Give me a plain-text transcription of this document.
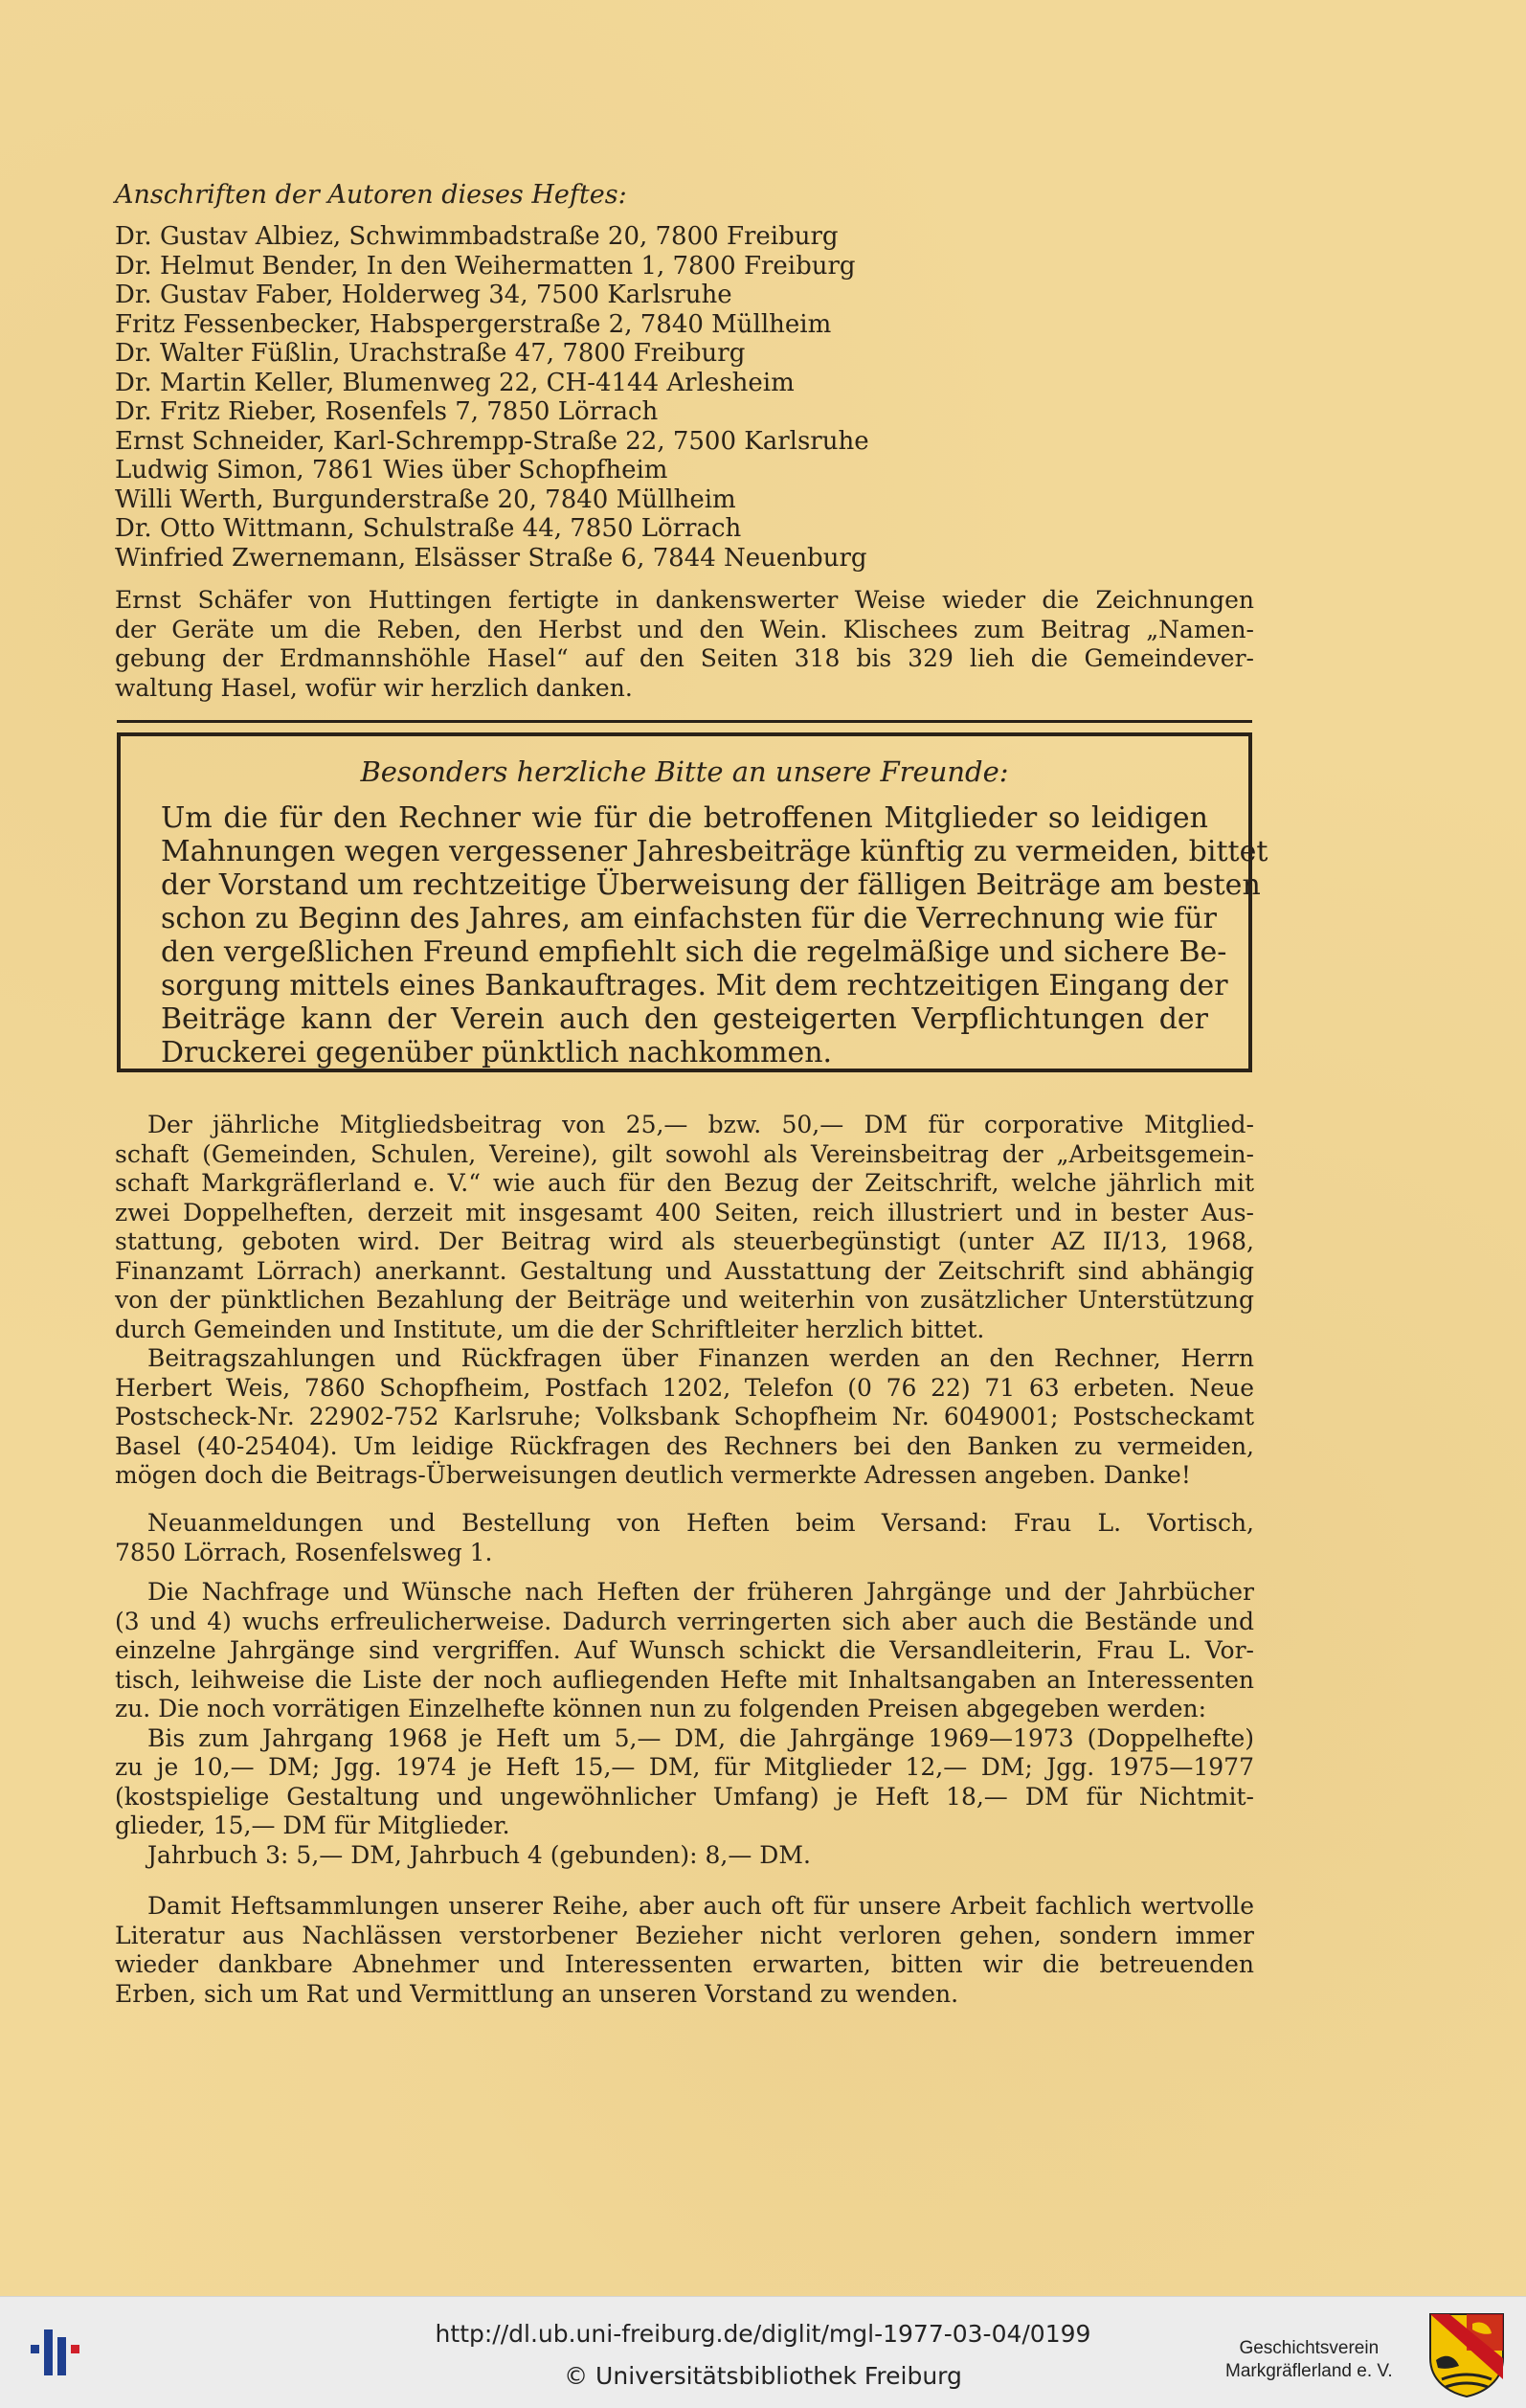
Anschriften der Autoren dieses Heftes:
Dr. Gustav Albiez, Schwimmbadstraße 20, 7800 Freiburg
Dr. Helmut Bender, In den Weihermatten 1, 7800 Freiburg
Dr. Gustav Faber, Holderweg 34, 7500 Karlsruhe
Fritz Fessenbecker, Habspergerstraße 2, 7840 Müllheim
Dr. Walter Füßlin, Urachstraße 47, 7800 Freiburg
Dr. Martin Keller, Blumenweg 22, CH-4144 Arlesheim
Dr. Fritz Rieber, Rosenfels 7, 7850 Lörrach
Ernst Schneider, Karl-Schrempp-Straße 22, 7500 Karlsruhe
Ludwig Simon, 7861 Wies über Schopfheim
Willi Werth, Burgunderstraße 20, 7840 Müllheim
Dr. Otto Wittmann, Schulstraße 44, 7850 Lörrach
Winfried Zwernemann, Elsässer Straße 6, 7844 Neuenburg
Ernst Schäfer von Huttingen fertigte in dankenswerter Weise wieder die Zeichnungen
der Geräte um die Reben, den Herbst und den Wein. Klischees zum Beitrag „Namen-
gebung der Erdmannshöhle Hasel“ auf den Seiten 318 bis 329 lieh die Gemeindever-
waltung Hasel, wofür wir herzlich danken.
Besonders herzliche Bitte an unsere Freunde:
Um die für den Rechner wie für die betroffenen Mitglieder so leidigen
Mahnungen wegen vergessener Jahresbeiträge künftig zu vermeiden, bittet
der Vorstand um rechtzeitige Überweisung der fälligen Beiträge am besten
schon zu Beginn des Jahres, am einfachsten für die Verrechnung wie für
den vergeßlichen Freund empfiehlt sich die regelmäßige und sichere Be-
sorgung mittels eines Bankauftrages. Mit dem rechtzeitigen Eingang der
Beiträge kann der Verein auch den gesteigerten Verpflichtungen der
Druckerei gegenüber pünktlich nachkommen.
Der jährliche Mitgliedsbeitrag von 25,— bzw. 50,— DM für corporative Mitglied-
schaft (Gemeinden, Schulen, Vereine), gilt sowohl als Vereinsbeitrag der „Arbeitsgemein-
schaft Markgräflerland e. V.“ wie auch für den Bezug der Zeitschrift, welche jährlich mit
zwei Doppelheften, derzeit mit insgesamt 400 Seiten, reich illustriert und in bester Aus-
stattung, geboten wird. Der Beitrag wird als steuerbegünstigt (unter AZ II/13, 1968,
Finanzamt Lörrach) anerkannt. Gestaltung und Ausstattung der Zeitschrift sind abhängig
von der pünktlichen Bezahlung der Beiträge und weiterhin von zusätzlicher Unterstützung
durch Gemeinden und Institute, um die der Schriftleiter herzlich bittet.
Beitragszahlungen und Rückfragen über Finanzen werden an den Rechner, Herrn
Herbert Weis, 7860 Schopfheim, Postfach 1202, Telefon (0 76 22) 71 63 erbeten. Neue
Postscheck-Nr. 22902-752 Karlsruhe; Volksbank Schopfheim Nr. 6049001; Postscheckamt
Basel (40-25404). Um leidige Rückfragen des Rechners bei den Banken zu vermeiden,
mögen doch die Beitrags-Überweisungen deutlich vermerkte Adressen angeben. Danke!
Neuanmeldungen und Bestellung von Heften beim Versand: Frau L. Vortisch,
7850 Lörrach, Rosenfelsweg 1.
Die Nachfrage und Wünsche nach Heften der früheren Jahrgänge und der Jahrbücher
(3 und 4) wuchs erfreulicherweise. Dadurch verringerten sich aber auch die Bestände und
einzelne Jahrgänge sind vergriffen. Auf Wunsch schickt die Versandleiterin, Frau L. Vor-
tisch, leihweise die Liste der noch aufliegenden Hefte mit Inhaltsangaben an Interessenten
zu. Die noch vorrätigen Einzelhefte können nun zu folgenden Preisen abgegeben werden:
Bis zum Jahrgang 1968 je Heft um 5,— DM, die Jahrgänge 1969—1973 (Doppelhefte)
zu je 10,— DM; Jgg. 1974 je Heft 15,— DM, für Mitglieder 12,— DM; Jgg. 1975—1977
(kostspielige Gestaltung und ungewöhnlicher Umfang) je Heft 18,— DM für Nichtmit-
glieder, 15,— DM für Mitglieder.
Jahrbuch 3: 5,— DM, Jahrbuch 4 (gebunden): 8,— DM.
Damit Heftsammlungen unserer Reihe, aber auch oft für unsere Arbeit fachlich wertvolle
Literatur aus Nachlässen verstorbener Bezieher nicht verloren gehen, sondern immer
wieder dankbare Abnehmer und Interessenten erwarten, bitten wir die betreuenden
Erben, sich um Rat und Vermittlung an unseren Vorstand zu wenden.
http://dl.ub.uni-freiburg.de/diglit/mgl-1977-03-04/0199
© Universitätsbibliothek Freiburg
Geschichtsverein
Markgräflerland e. V.
